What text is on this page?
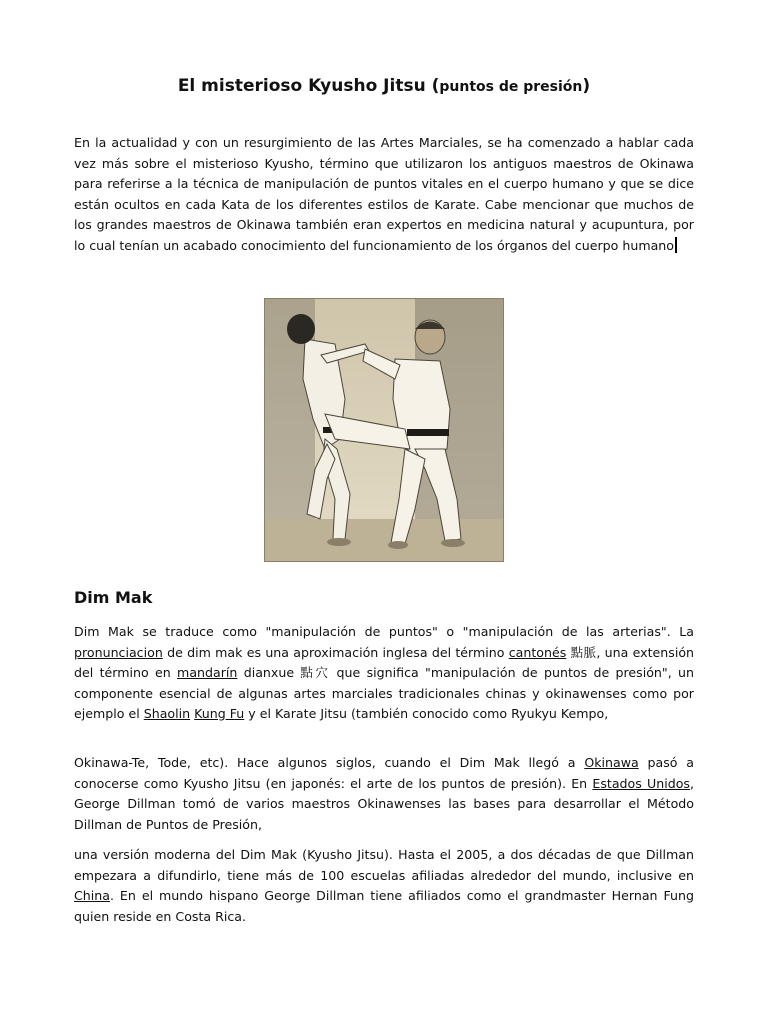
El misterioso Kyusho Jitsu (puntos de presión)

En la actualidad y con un resurgimiento de las Artes Marciales, se ha comenzado a hablar cada vez más sobre el misterioso Kyusho, término que utilizaron los antiguos maestros de Okinawa para referirse a la técnica de manipulación de puntos vitales en el cuerpo humano y que se dice están ocultos en cada Kata de los diferentes estilos de Karate. Cabe mencionar que muchos de los grandes maestros de Okinawa también eran expertos en medicina natural y acupuntura, por lo cual tenían un acabado conocimiento del funcionamiento de los órganos del cuerpo humano

Dim Mak

Dim Mak se traduce como "manipulación de puntos" o "manipulación de las arterias". La pronunciacion de dim mak es una aproximación inglesa del término cantonés 點脈, una extensión del término en mandarín dianxue 點穴 que significa "manipulación de puntos de presión", un componente esencial de algunas artes marciales tradicionales chinas y okinawenses como por ejemplo el Shaolin Kung Fu y el Karate Jitsu (también conocido como Ryukyu Kempo,

Okinawa-Te, Tode, etc). Hace algunos siglos, cuando el Dim Mak llegó a Okinawa pasó a conocerse como Kyusho Jitsu (en japonés: el arte de los puntos de presión). En Estados Unidos, George Dillman tomó de varios maestros Okinawenses las bases para desarrollar el Método Dillman de Puntos de Presión,

una versión moderna del Dim Mak (Kyusho Jitsu). Hasta el 2005, a dos décadas de que Dillman empezara a difundirlo, tiene más de 100 escuelas afiliadas alrededor del mundo, inclusive en China. En el mundo hispano George Dillman tiene afiliados como el grandmaster Hernan Fung quien reside en Costa Rica.
